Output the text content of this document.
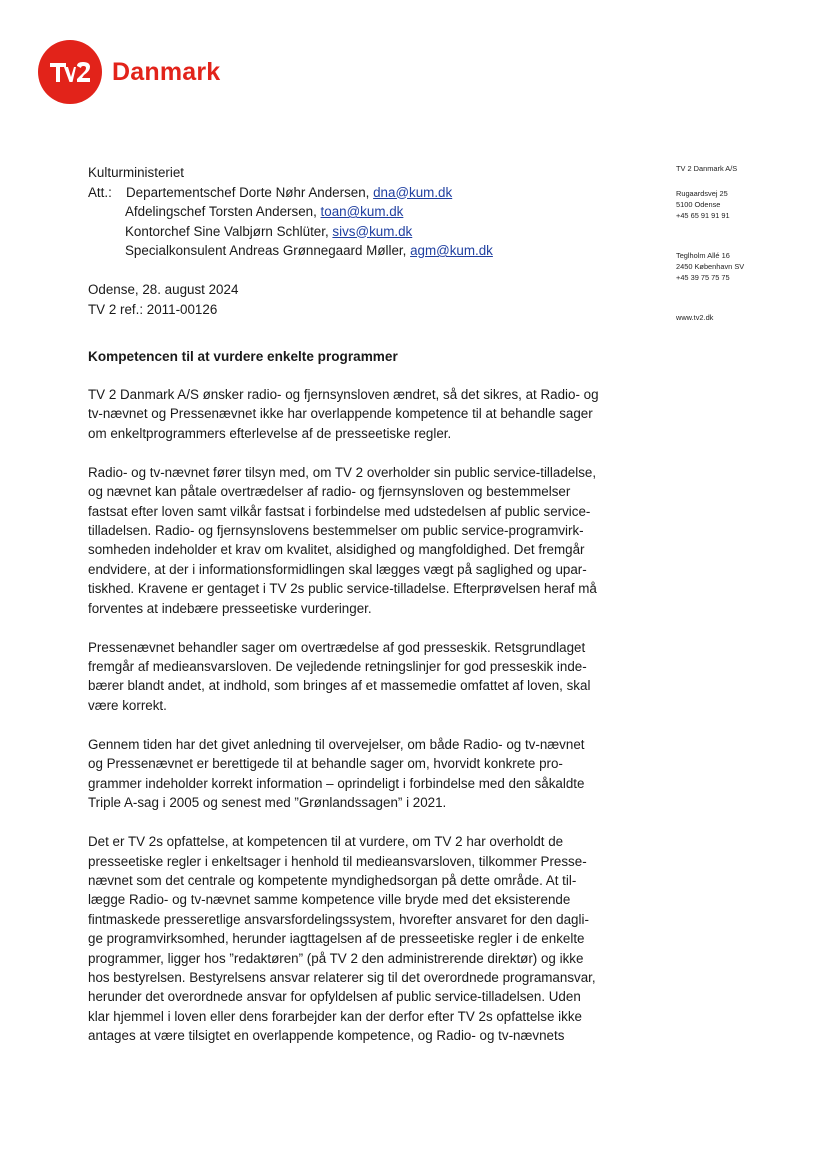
Danmark
TV 2 Danmark A/S
Rugaardsvej 25
5100 Odense
+45 65 91 91 91
Teglholm Allé 16
2450 København SV
+45 39 75 75 75
www.tv2.dk
Kulturministeriet
Att.:	Departementschef Dorte Nøhr Andersen, dna@kum.dk
Afdelingschef Torsten Andersen, toan@kum.dk
Kontorchef Sine Valbjørn Schlüter, sivs@kum.dk
Specialkonsulent Andreas Grønnegaard Møller, agm@kum.dk
Odense, 28. august 2024
TV 2 ref.: 2011-00126
Kompetencen til at vurdere enkelte programmer

TV 2 Danmark A/S ønsker radio- og fjernsynsloven ændret, så det sikres, at Radio- og
tv-nævnet og Pressenævnet ikke har overlappende kompetence til at behandle sager
om enkeltprogrammers efterlevelse af de presseetiske regler.

Radio- og tv-nævnet fører tilsyn med, om TV 2 overholder sin public service-tilladelse,
og nævnet kan påtale overtrædelser af radio- og fjernsynsloven og bestemmelser
fastsat efter loven samt vilkår fastsat i forbindelse med udstedelsen af public service-
tilladelsen. Radio- og fjernsynslovens bestemmelser om public service-programvirk-
somheden indeholder et krav om kvalitet, alsidighed og mangfoldighed. Det fremgår
endvidere, at der i informationsformidlingen skal lægges vægt på saglighed og upar-
tiskhed. Kravene er gentaget i TV 2s public service-tilladelse. Efterprøvelsen heraf må
forventes at indebære presseetiske vurderinger.

Pressenævnet behandler sager om overtrædelse af god presseskik. Retsgrundlaget
fremgår af medieansvarsloven. De vejledende retningslinjer for god presseskik inde-
bærer blandt andet, at indhold, som bringes af et massemedie omfattet af loven, skal
være korrekt.

Gennem tiden har det givet anledning til overvejelser, om både Radio- og tv-nævnet
og Pressenævnet er berettigede til at behandle sager om, hvorvidt konkrete pro-
grammer indeholder korrekt information – oprindeligt i forbindelse med den såkaldte
Triple A-sag i 2005 og senest med ”Grønlandssagen” i 2021.

Det er TV 2s opfattelse, at kompetencen til at vurdere, om TV 2 har overholdt de
presseetiske regler i enkeltsager i henhold til medieansvarsloven, tilkommer Presse-
nævnet som det centrale og kompetente myndighedsorgan på dette område. At til-
lægge Radio- og tv-nævnet samme kompetence ville bryde med det eksisterende
fintmaskede presseretlige ansvarsfordelingssystem, hvorefter ansvaret for den dagli-
ge programvirksomhed, herunder iagttagelsen af de presseetiske regler i de enkelte
programmer, ligger hos ”redaktøren” (på TV 2 den administrerende direktør) og ikke
hos bestyrelsen. Bestyrelsens ansvar relaterer sig til det overordnede programansvar,
herunder det overordnede ansvar for opfyldelsen af public service-tilladelsen. Uden
klar hjemmel i loven eller dens forarbejder kan der derfor efter TV 2s opfattelse ikke
antages at være tilsigtet en overlappende kompetence, og Radio- og tv-nævnets
